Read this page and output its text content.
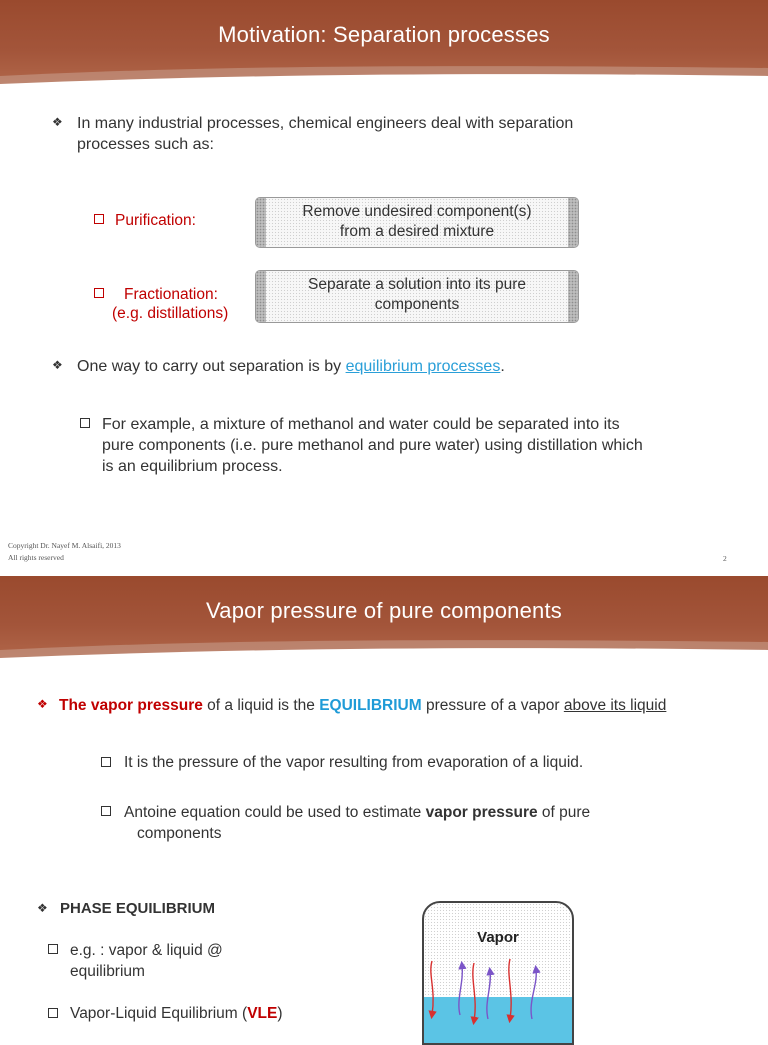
Motivation: Separation processes
❖ In many industrial processes, chemical engineers deal with separation
processes such as:
Purification:
Remove undesired component(s)
from a desired mixture
Fractionation:
(e.g. distillations)
Separate a solution into its pure
components
❖ One way to carry out separation is by equilibrium processes.
For example, a mixture of methanol and water could be separated into its
pure components (i.e. pure methanol and pure water) using distillation which
is an equilibrium process.
Copyright Dr. Nayef M. Alsaifi, 2013
All rights reserved	2
Vapor pressure of pure components
❖ The vapor pressure of a liquid is the EQUILIBRIUM pressure of a vapor above its liquid
It is the pressure of the vapor resulting from evaporation of a liquid.
Antoine equation could be used to estimate vapor pressure of pure
components
❖ PHASE EQUILIBRIUM
e.g. : vapor & liquid @
equilibrium
Vapor-Liquid Equilibrium (VLE)
Vapor
